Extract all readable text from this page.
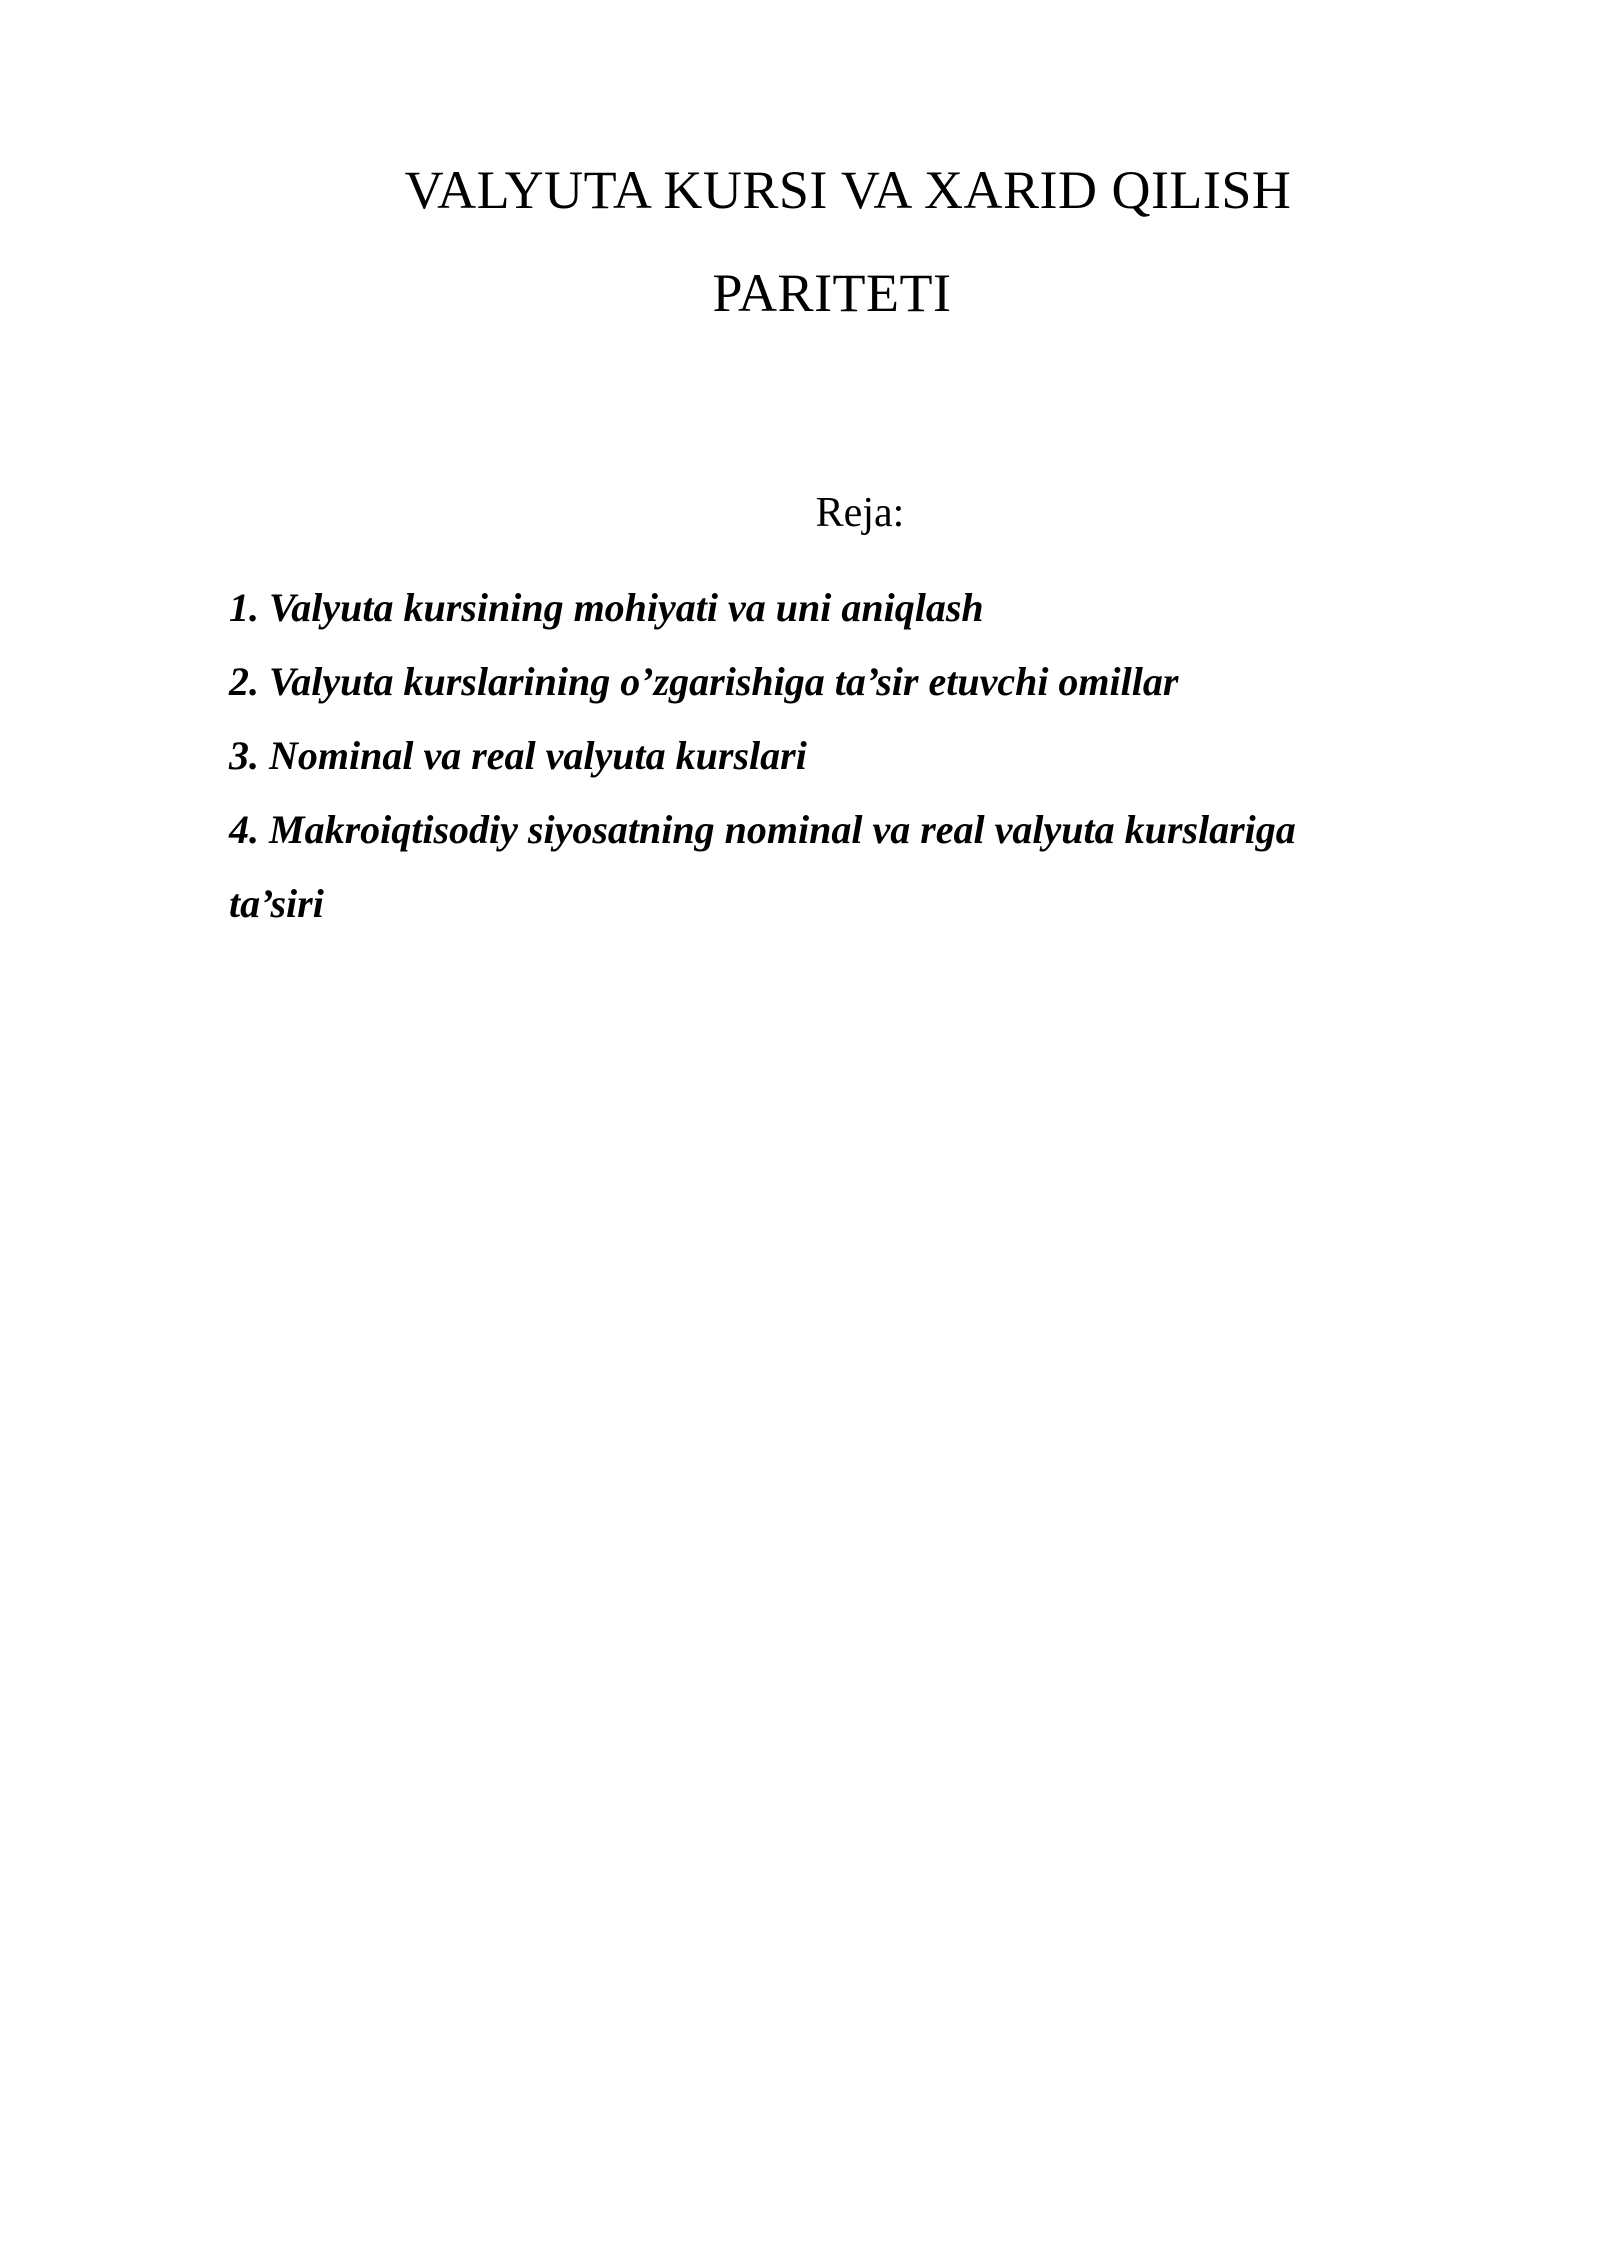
VALYUTA KURSI VA XARID QILISH
PARITETI
Reja:
1. Valyuta kursining mohiyati va uni aniqlash
2. Valyuta kurslarining o’zgarishiga ta’sir etuvchi omillar
3. Nominal va real valyuta kurslari
4. Makroiqtisodiy siyosatning nominal va real valyuta kurslariga ta’siri
